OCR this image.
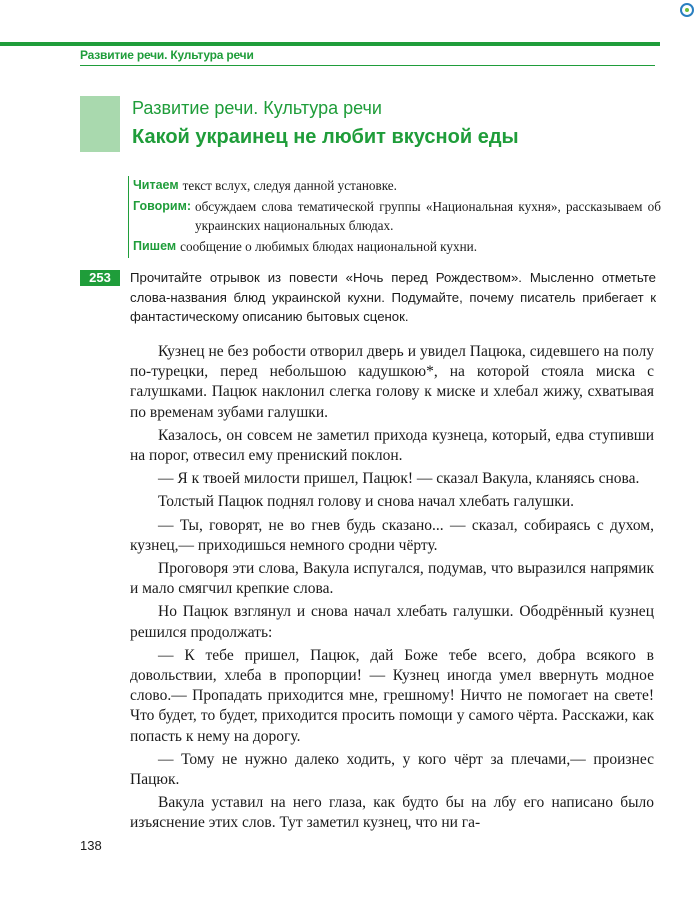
Развитие речи. Культура речи
Развитие речи. Культура речи
Какой украинец не любит вкусной еды
Читаем текст вслух, следуя данной установке.
Говорим: обсуждаем слова тематической группы «Национальная кухня», рассказываем об украинских национальных блюдах.
Пишем сообщение о любимых блюдах национальной кухни.
253	Прочитайте отрывок из повести «Ночь перед Рождеством». Мысленно отметьте слова-названия блюд украинской кухни. Подумайте, почему писатель прибегает к фантастическому описанию бытовых сценок.

Кузнец не без робости отворил дверь и увидел Пацюка, сидевшего на полу по-турецки, перед небольшою кадушкою*, на которой стояла миска с галушками. Пацюк наклонил слегка голову к миске и хлебал жижу, схватывая по временам зубами галушки.

Казалось, он совсем не заметил прихода кузнеца, который, едва ступивши на порог, отвесил ему прениский поклон.

— Я к твоей милости пришел, Пацюк! — сказал Вакула, кланяясь снова.

Толстый Пацюк поднял голову и снова начал хлебать галушки.

— Ты, говорят, не во гнев будь сказано... — сказал, собираясь с духом, кузнец,— приходишься немного сродни чёрту.

Проговоря эти слова, Вакула испугался, подумав, что выразился напрямик и мало смягчил крепкие слова.

Но Пацюк взглянул и снова начал хлебать галушки. Ободрённый кузнец решился продолжать:

— К тебе пришел, Пацюк, дай Боже тебе всего, добра всякого в довольствии, хлеба в пропорции! — Кузнец иногда умел ввернуть модное слово.— Пропадать приходится мне, грешному! Ничто не помогает на свете! Что будет, то будет, приходится просить помощи у самого чёрта. Расскажи, как попасть к нему на дорогу.

— Тому не нужно далеко ходить, у кого чёрт за плечами,— произнес Пацюк.

Вакула уставил на него глаза, как будто бы на лбу его написано было изъяснение этих слов. Тут заметил кузнец, что ни га-

138
